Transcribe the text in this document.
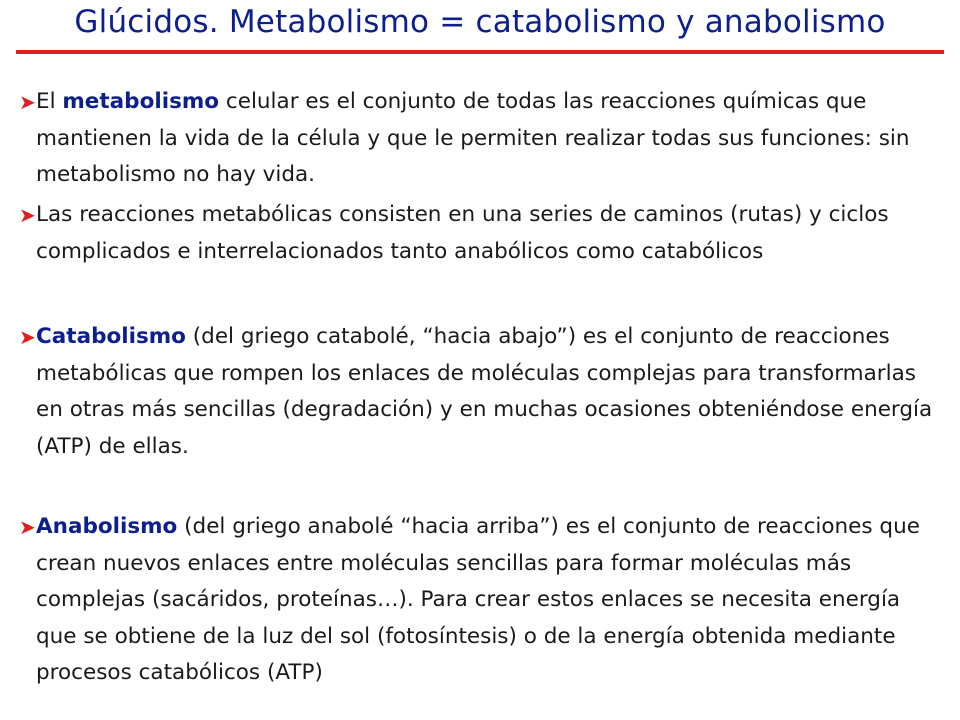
Glúcidos. Metabolismo = catabolismo y anabolismo
➤ El metabolismo celular es el conjunto de todas las reacciones químicas que mantienen la vida de la célula y que le permiten realizar todas sus funciones: sin metabolismo no hay vida.
➤ Las reacciones metabólicas consisten en una series de caminos (rutas) y ciclos complicados e interrelacionados tanto anabólicos como catabólicos
➤ Catabolismo (del griego catabolé, “hacia abajo”) es el conjunto de reacciones metabólicas que rompen los enlaces de moléculas complejas para transformarlas en otras más sencillas (degradación) y en muchas ocasiones obteniéndose energía (ATP) de ellas.
➤ Anabolismo (del griego anabolé “hacia arriba”) es el conjunto de reacciones que crean nuevos enlaces entre moléculas sencillas para formar moléculas más complejas (sacáridos, proteínas…). Para crear estos enlaces se necesita energía que se obtiene de la luz del sol (fotosíntesis) o de la energía obtenida mediante procesos catabólicos (ATP)
